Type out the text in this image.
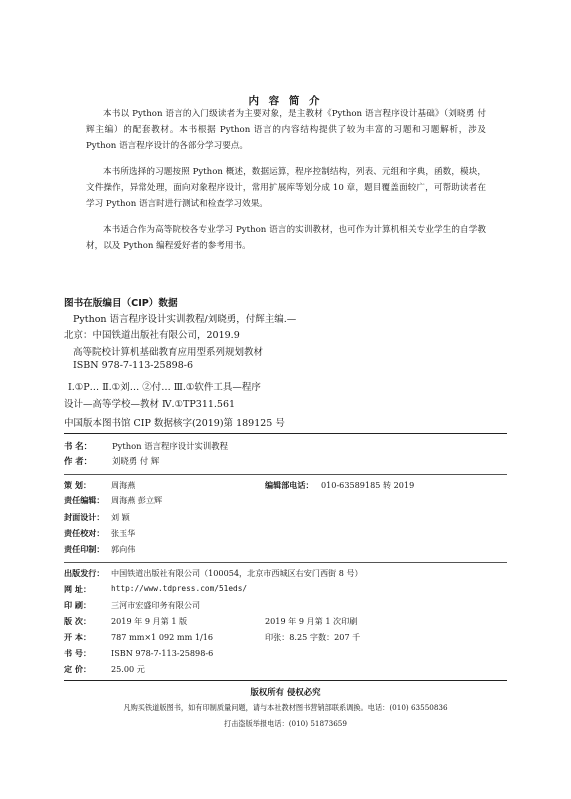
内 容 简 介

本书以 Python 语言的入门级读者为主要对象，是主教材《Python 语言程序设计基础》（刘晓勇 付辉主编）的配套教材。本书根据 Python 语言的内容结构提供了较为丰富的习题和习题解析，涉及 Python 语言程序设计的各部分学习要点。

本书所选择的习题按照 Python 概述，数据运算，程序控制结构，列表、元组和字典，函数，模块，文件操作，异常处理，面向对象程序设计，常用扩展库等划分成 10 章，题目覆盖面较广，可帮助读者在学习 Python 语言时进行测试和检查学习效果。

本书适合作为高等院校各专业学习 Python 语言的实训教材，也可作为计算机相关专业学生的自学教材，以及 Python 编程爱好者的参考用书。

图书在版编目（CIP）数据
Python 语言程序设计实训教程/刘晓勇，付辉主编.—
北京：中国铁道出版社有限公司，2019.9
高等院校计算机基础教育应用型系列规划教材
ISBN 978-7-113-25898-6
Ⅰ.①P… Ⅱ.①刘… ②付… Ⅲ.①软件工具—程序
设计—高等学校—教材 Ⅳ.①TP311.561
中国版本图书馆 CIP 数据核字(2019)第 189125 号
书 名： Python 语言程序设计实训教程
作 者： 刘晓勇 付 辉
策 划： 周海燕	编辑部电话： 010-63589185 转 2019
责任编辑： 周海燕 彭立辉
封面设计： 刘 颖
责任校对： 张玉华
责任印制： 郭向伟
出版发行： 中国铁道出版社有限公司（100054，北京市西城区右安门西街 8 号）
网 址：	http://www.tdpress.com/51eds/
印 刷： 三河市宏盛印务有限公司
版 次： 2019 年 9 月第 1 版	2019 年 9 月第 1 次印刷
开 本： 787 mm×1 092 mm 1/16	印张：8.25 字数：207 千
书 号： ISBN 978-7-113-25898-6
定 价： 25.00 元
版权所有 侵权必究
凡购买铁道版图书，如有印制质量问题，请与本社教材图书营销部联系调换。电话：(010) 63550836
打击盗版举报电话：(010) 51873659
